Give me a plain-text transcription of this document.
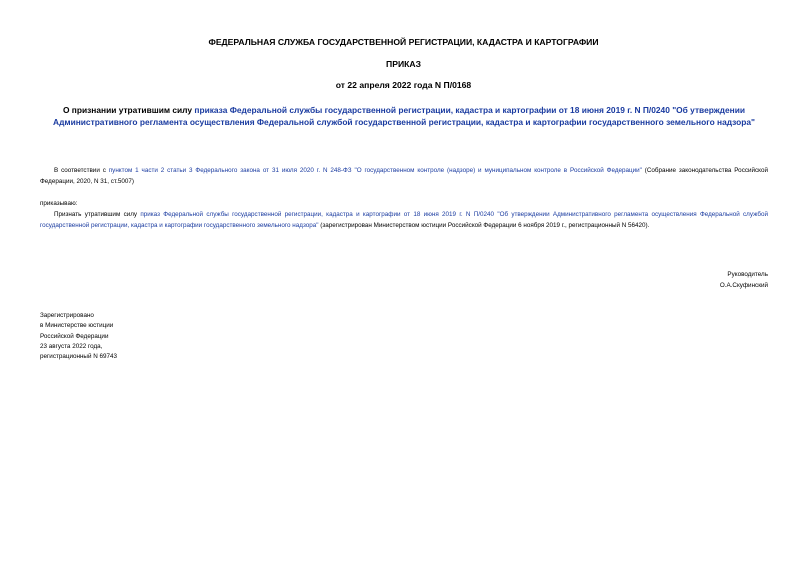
ФЕДЕРАЛЬНАЯ СЛУЖБА ГОСУДАРСТВЕННОЙ РЕГИСТРАЦИИ, КАДАСТРА И КАРТОГРАФИИ
ПРИКАЗ
от 22 апреля 2022 года N П/0168
О признании утратившим силу приказа Федеральной службы государственной регистрации, кадастра и картографии от 18 июня 2019 г. N П/0240 "Об утверждении Административного регламента осуществления Федеральной службой государственной регистрации, кадастра и картографии государственного земельного надзора"
В соответствии с пунктом 1 части 2 статьи 3 Федерального закона от 31 июля 2020 г. N 248-ФЗ "О государственном контроле (надзоре) и муниципальном контроле в Российской Федерации" (Собрание законодательства Российской Федерации, 2020, N 31, ст.5007)
приказываю:
Признать утратившим силу приказ Федеральной службы государственной регистрации, кадастра и картографии от 18 июня 2019 г. N П/0240 "Об утверждении Административного регламента осуществления Федеральной службой государственной регистрации, кадастра и картографии государственного земельного надзора" (зарегистрирован Министерством юстиции Российской Федерации 6 ноября 2019 г., регистрационный N 56420).
Руководитель
О.А.Скуфинский
Зарегистрировано
в Министерстве юстиции
Российской Федерации
23 августа 2022 года,
регистрационный N 69743
